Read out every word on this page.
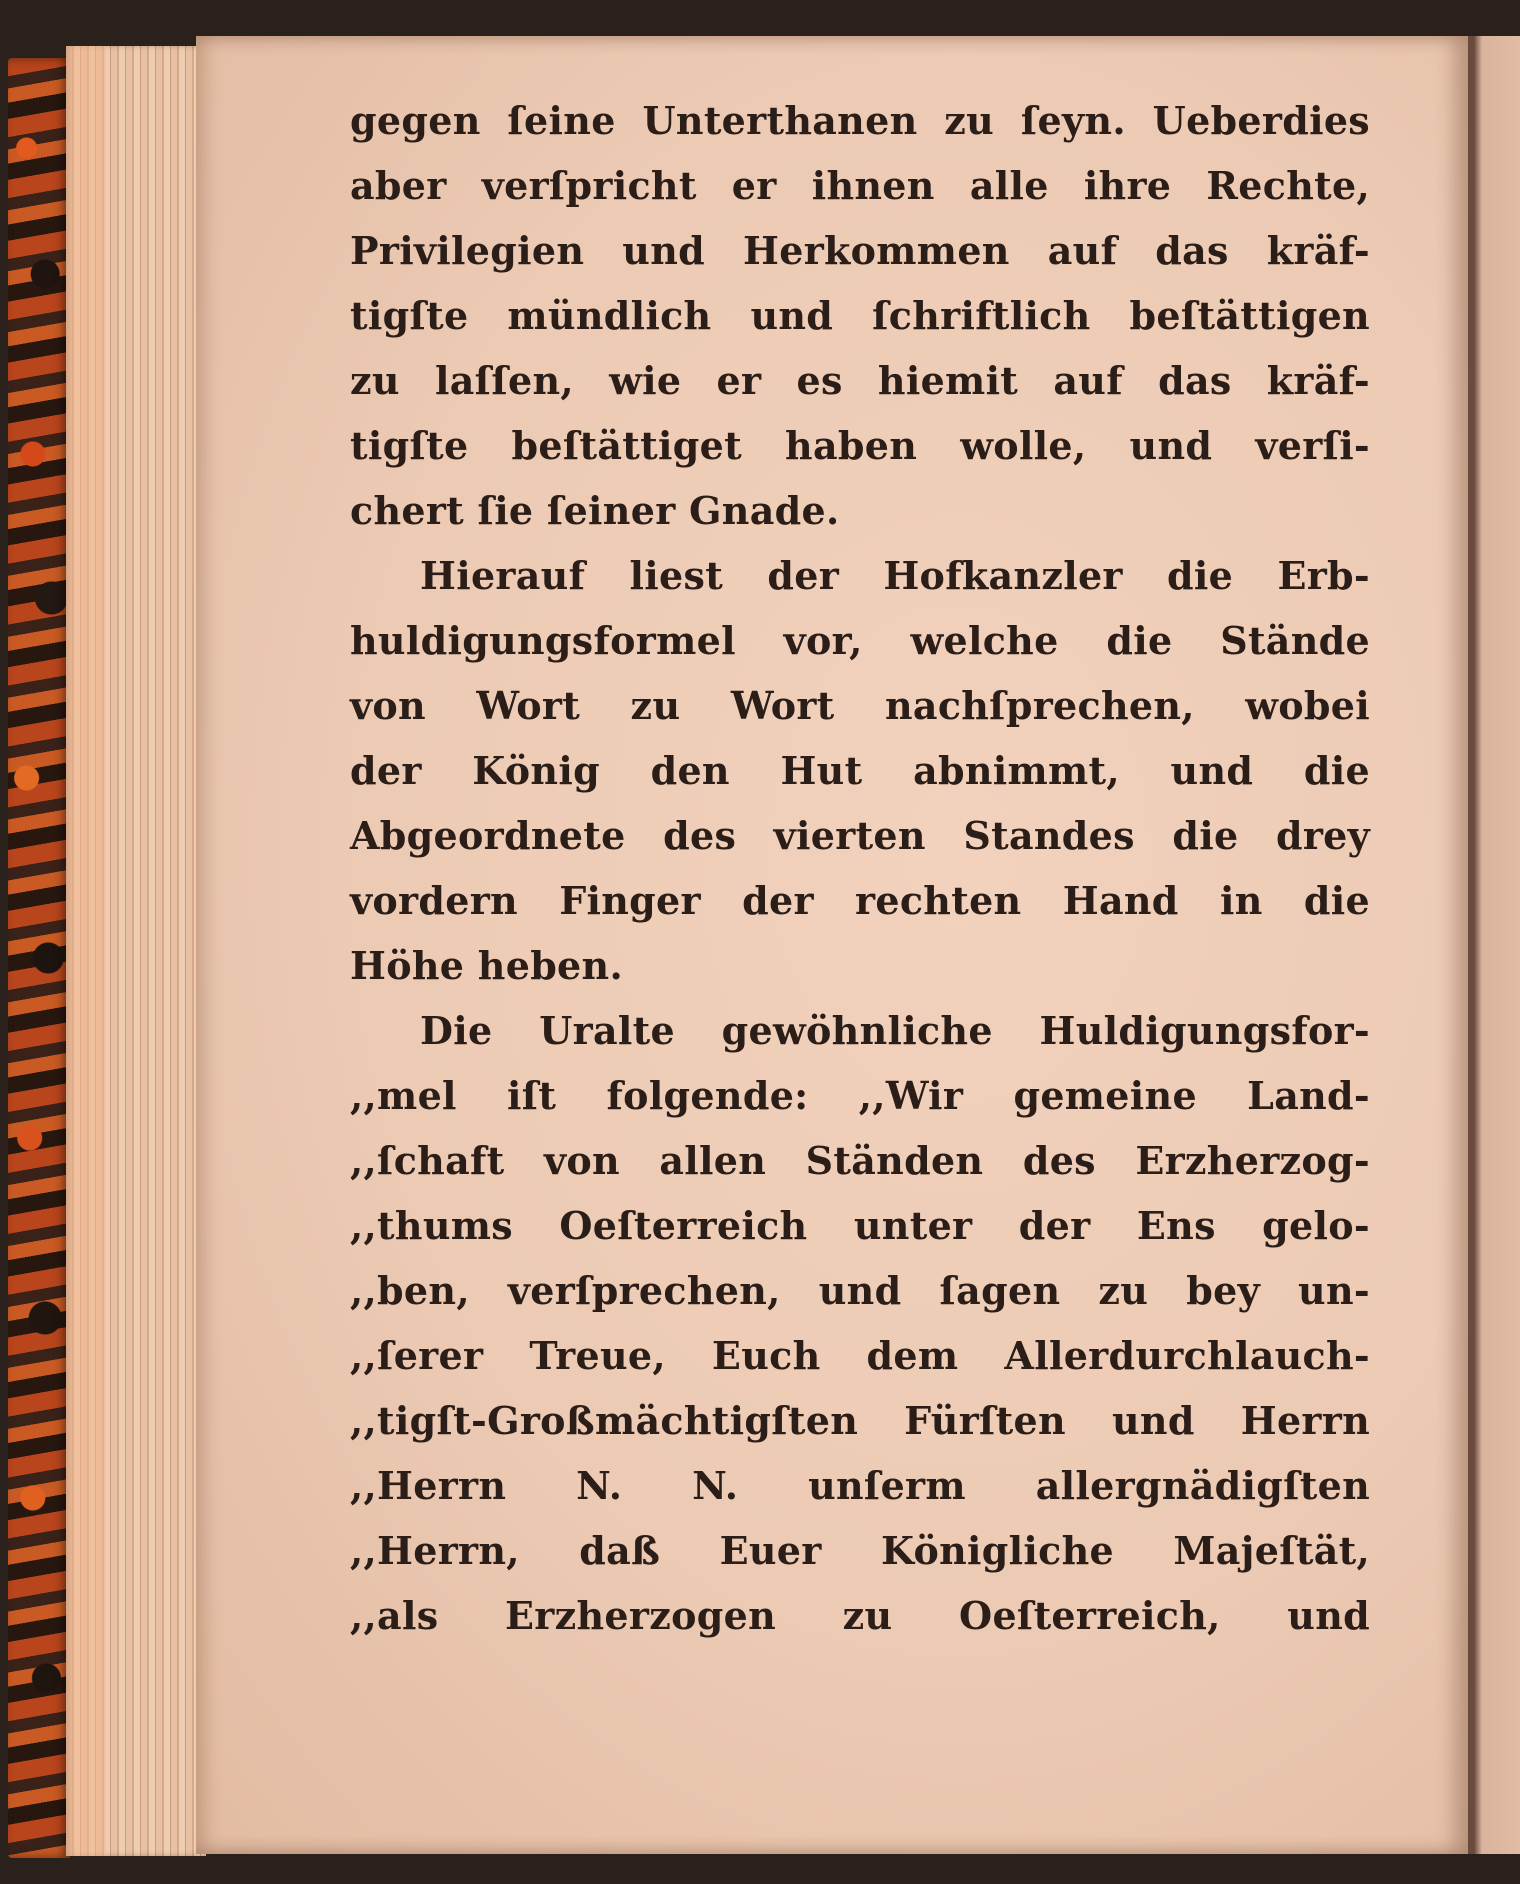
gegen ſeine Unterthanen zu ſeyn. Ueberdies
aber verſpricht er ihnen alle ihre Rechte,
Privilegien und Herkommen auf das kräf-
tigſte mündlich und ſchriftlich beſtättigen
zu laſſen, wie er es hiemit auf das kräf-
tigſte beſtättiget haben wolle, und verſi-
chert ſie ſeiner Gnade.
Hierauf liest der Hofkanzler die Erb-
huldigungsformel vor, welche die Stände
von Wort zu Wort nachſprechen, wobei
der König den Hut abnimmt, und die
Abgeordnete des vierten Standes die drey
vordern Finger der rechten Hand in die
Höhe heben.
Die Uralte gewöhnliche Huldigungsfor-
,,mel iſt folgende: ,,Wir gemeine Land-
,,ſchaft von allen Ständen des Erzherzog-
,,thums Oeſterreich unter der Ens gelo-
,,ben, verſprechen, und ſagen zu bey un-
,,ſerer Treue, Euch dem Allerdurchlauch-
,,tigſt-Großmächtigſten Fürſten und Herrn
,,Herrn N. N. unſerm allergnädigſten
,,Herrn, daß Euer Königliche Majeſtät,
,,als Erzherzogen zu Oeſterreich, und
